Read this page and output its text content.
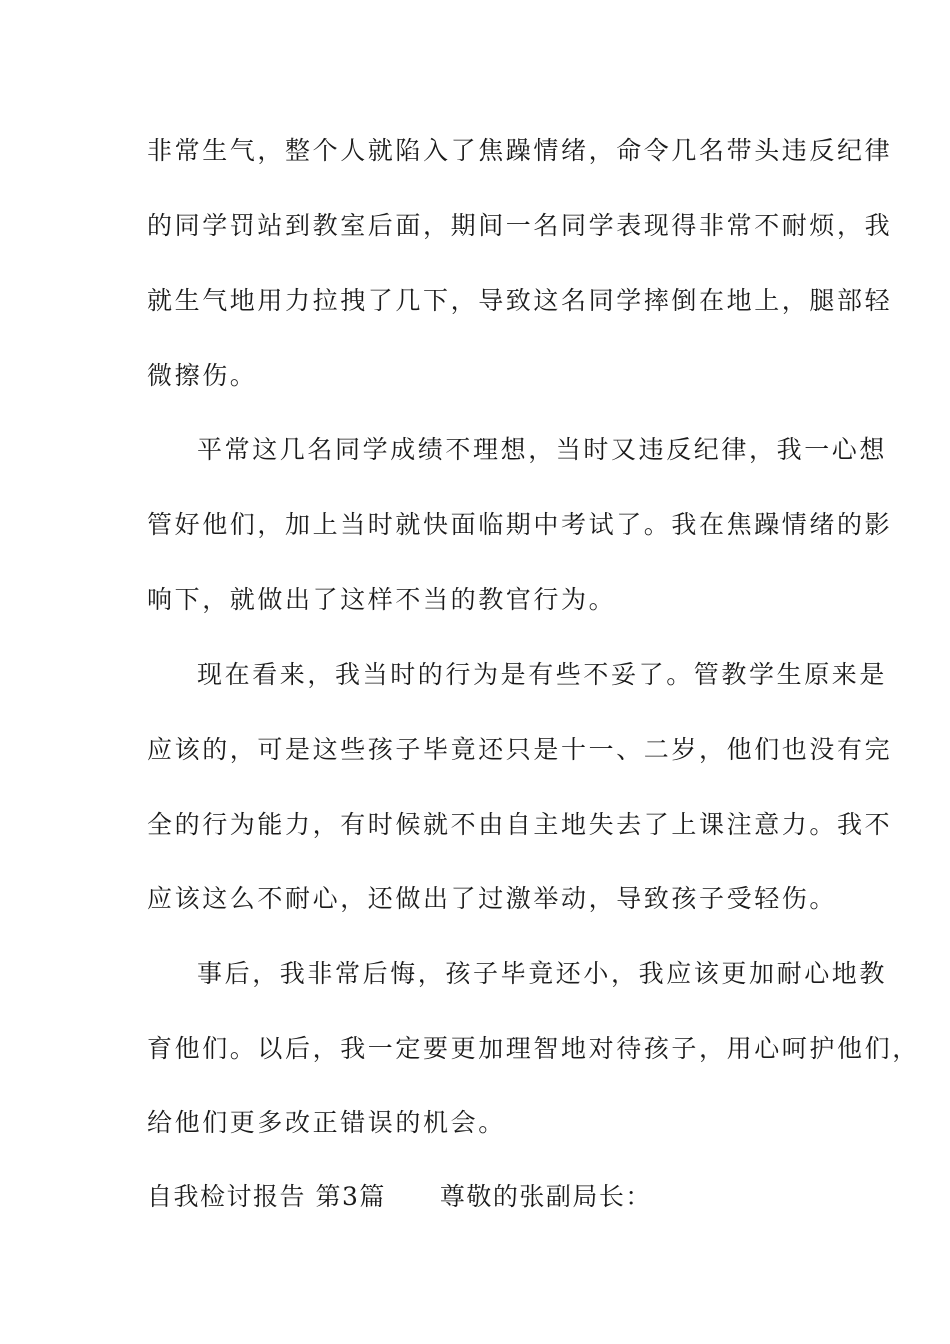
非常生气，整个人就陷入了焦躁情绪，命令几名带头违反纪律
的同学罚站到教室后面，期间一名同学表现得非常不耐烦，我
就生气地用力拉拽了几下，导致这名同学摔倒在地上，腿部轻
微擦伤。
平常这几名同学成绩不理想，当时又违反纪律，我一心想
管好他们，加上当时就快面临期中考试了。我在焦躁情绪的影
响下，就做出了这样不当的教官行为。
现在看来，我当时的行为是有些不妥了。管教学生原来是
应该的，可是这些孩子毕竟还只是十一、二岁，他们也没有完
全的行为能力，有时候就不由自主地失去了上课注意力。我不
应该这么不耐心，还做出了过激举动，导致孩子受轻伤。
事后，我非常后悔，孩子毕竟还小，我应该更加耐心地教
育他们。以后，我一定要更加理智地对待孩子，用心呵护他们，
给他们更多改正错误的机会。
自我检讨报告 第3篇 尊敬的张副局长：
